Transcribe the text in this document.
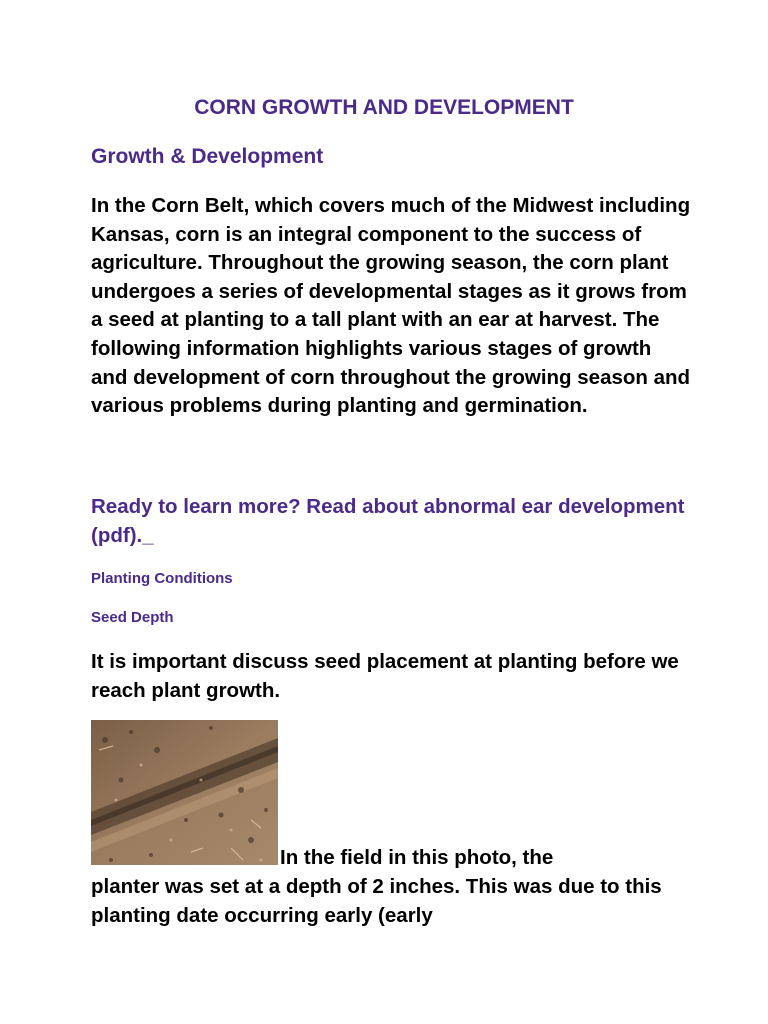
CORN GROWTH AND DEVELOPMENT
Growth & Development

In the Corn Belt, which covers much of the Midwest including Kansas, corn is an integral component to the success of agriculture. Throughout the growing season, the corn plant undergoes a series of developmental stages as it grows from a seed at planting to a tall plant with an ear at harvest. The following information highlights various stages of growth and development of corn throughout the growing season and various problems during planting and germination.

Ready to learn more? Read about abnormal ear development (pdf)._

Planting Conditions
Seed Depth

It is important discuss seed placement at planting before we reach plant growth.

In the field in this photo, the

planter was set at a depth of 2 inches. This was due to this planting date occurring early (early
